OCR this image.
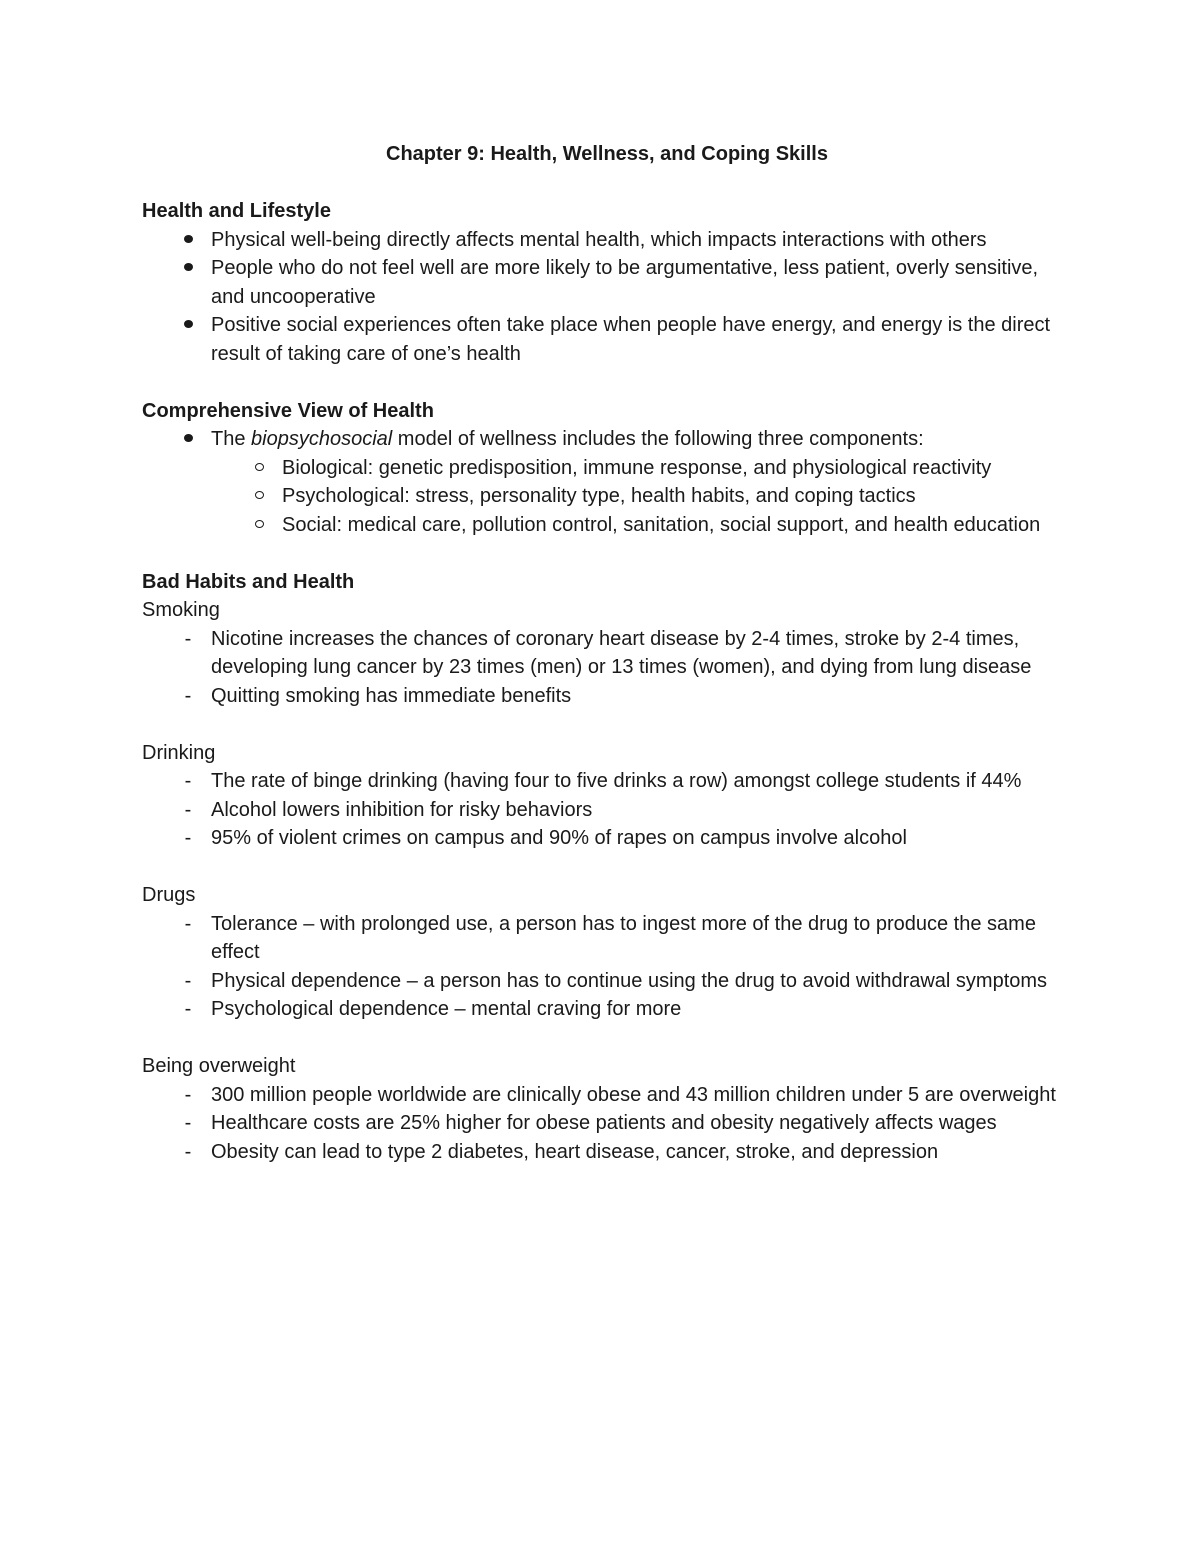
Chapter 9: Health, Wellness, and Coping Skills
Health and Lifestyle
Physical well-being directly affects mental health, which impacts interactions with others
People who do not feel well are more likely to be argumentative, less patient, overly sensitive, and uncooperative
Positive social experiences often take place when people have energy, and energy is the direct result of taking care of one’s health
Comprehensive View of Health
The biopsychosocial model of wellness includes the following three components:
Biological: genetic predisposition, immune response, and physiological reactivity
Psychological: stress, personality type, health habits, and coping tactics
Social: medical care, pollution control, sanitation, social support, and health education
Bad Habits and Health
Smoking
- Nicotine increases the chances of coronary heart disease by 2-4 times, stroke by 2-4 times, developing lung cancer by 23 times (men) or 13 times (women), and dying from lung disease
- Quitting smoking has immediate benefits
Drinking
- The rate of binge drinking (having four to five drinks a row) amongst college students if 44%
- Alcohol lowers inhibition for risky behaviors
- 95% of violent crimes on campus and 90% of rapes on campus involve alcohol
Drugs
- Tolerance – with prolonged use, a person has to ingest more of the drug to produce the same effect
- Physical dependence – a person has to continue using the drug to avoid withdrawal symptoms
- Psychological dependence – mental craving for more
Being overweight
- 300 million people worldwide are clinically obese and 43 million children under 5 are overweight
- Healthcare costs are 25% higher for obese patients and obesity negatively affects wages
- Obesity can lead to type 2 diabetes, heart disease, cancer, stroke, and depression
